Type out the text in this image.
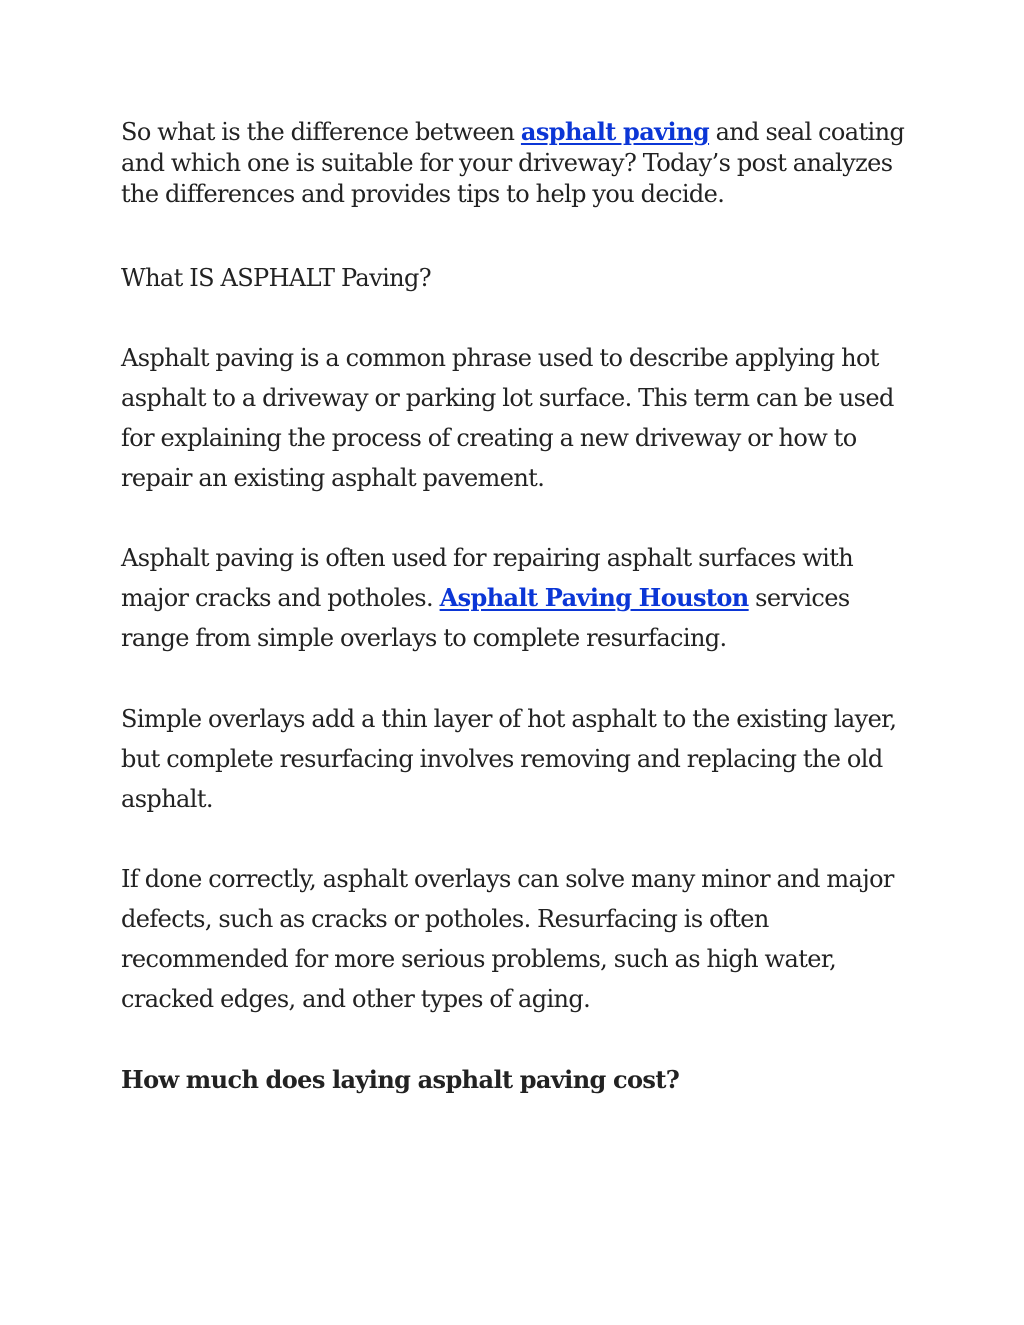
So what is the difference between asphalt paving and seal coating and which one is suitable for your driveway? Today’s post analyzes the differences and provides tips to help you decide.

What IS ASPHALT Paving?

Asphalt paving is a common phrase used to describe applying hot asphalt to a driveway or parking lot surface. This term can be used for explaining the process of creating a new driveway or how to repair an existing asphalt pavement.

Asphalt paving is often used for repairing asphalt surfaces with major cracks and potholes. Asphalt Paving Houston services range from simple overlays to complete resurfacing.

Simple overlays add a thin layer of hot asphalt to the existing layer, but complete resurfacing involves removing and replacing the old asphalt.

If done correctly, asphalt overlays can solve many minor and major defects, such as cracks or potholes. Resurfacing is often recommended for more serious problems, such as high water, cracked edges, and other types of aging.

How much does laying asphalt paving cost?
